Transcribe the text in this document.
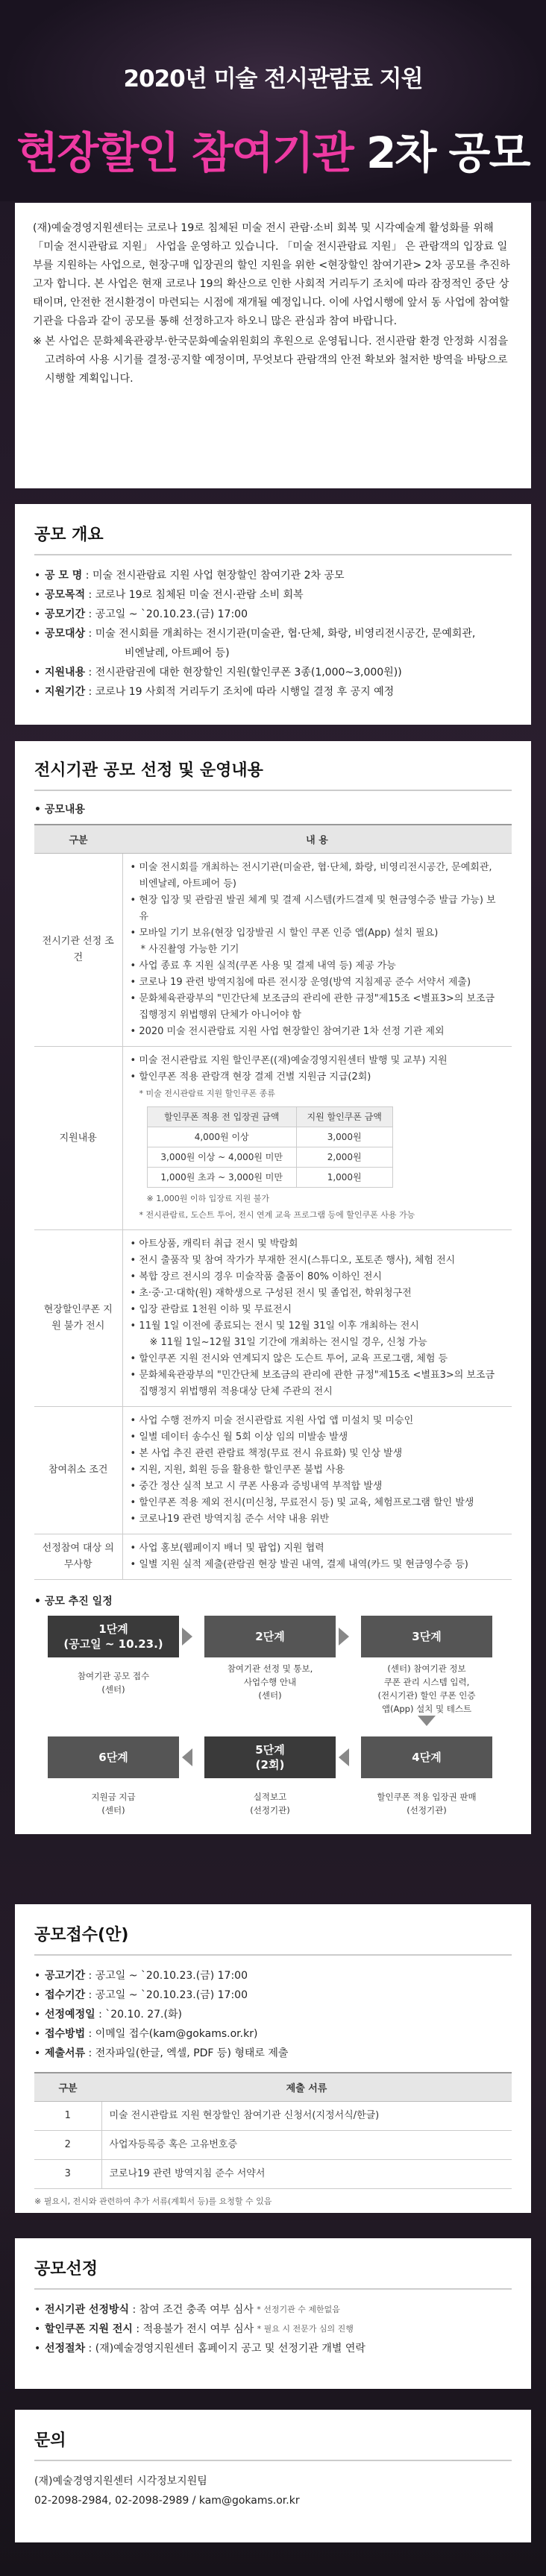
2020년 미술 전시관람료 지원
현장할인 참여기관 2차 공모

(재)예술경영지원센터는 코로나 19로 침체된 미술 전시 관람·소비 회복 및 시각예술계 활성화를 위해 「미술 전시관람료 지원」 사업을 운영하고 있습니다. 「미술 전시관람료 지원」 은 관람객의 입장료 일부를 지원하는 사업으로, 현장구매 입장권의 할인 지원을 위한 <현장할인 참여기관> 2차 공모를 추진하고자 합니다. 본 사업은 현재 코로나 19의 확산으로 인한 사회적 거리두기 조치에 따라 잠정적인 중단 상태이며, 안전한 전시환경이 마련되는 시점에 재개될 예정입니다. 이에 사업시행에 앞서 동 사업에 참여할 기관을 다음과 같이 공모를 통해 선정하고자 하오니 많은 관심과 참여 바랍니다.

※ 본 사업은 문화체육관광부·한국문화예술위원회의 후원으로 운영됩니다. 전시관람 환경 안정화 시점을 고려하여 사용 시기를 결정·공지할 예정이며, 무엇보다 관람객의 안전 확보와 철저한 방역을 바탕으로 시행할 계획입니다.

공모 개요
• 공 모 명 : 미술 전시관람료 지원 사업 현장할인 참여기관 2차 공모
• 공모목적 : 코로나 19로 침체된 미술 전시·관람 소비 회복
• 공모기간 : 공고일 ~ `20.10.23.(금) 17:00
• 공모대상 : 미술 전시회를 개최하는 전시기관(미술관, 협·단체, 화랑, 비영리전시공간, 문예회관,
비엔날레, 아트페어 등)
• 지원내용 : 전시관람권에 대한 현장할인 지원(할인쿠폰 3종(1,000~3,000원))
• 지원기간 : 코로나 19 사회적 거리두기 조치에 따라 시행일 결정 후 공지 예정
전시기관 공모 선정 및 운영내용
• 공모내용
구분	내 용
전시기관 선정 조건	
• 미술 전시회를 개최하는 전시기관(미술관, 협·단체, 화랑, 비영리전시공간, 문예회관, 비엔날레, 아트페어 등)
• 현장 입장 및 관람권 발권 체계 및 결제 시스템(카드결제 및 현금영수증 발급 가능) 보유
• 모바일 기기 보유(현장 입장발권 시 할인 쿠폰 인증 앱(App) 설치 필요)
* 사진촬영 가능한 기기
• 사업 종료 후 지원 실적(쿠폰 사용 및 결제 내역 등) 제공 가능
• 코로나 19 관련 방역지침에 따른 전시장 운영(방역 지침제공 준수 서약서 제출)
• 문화체육관광부의 "민간단체 보조금의 관리에 관한 규정"제15조 <별표3>의 보조금 집행정지 위법행위 단체가 아니어야 함
• 2020 미술 전시관람료 지원 사업 현장할인 참여기관 1차 선정 기관 제외

지원내용	
• 미술 전시관람료 지원 할인쿠폰((재)예술경영지원센터 발행 및 교부) 지원
• 할인쿠폰 적용 관람객 현장 결제 건별 지원금 지급(2회)
* 미술 전시관람료 지원 할인쿠폰 종류
할인쿠폰 적용 전 입장권 금액	지원 할인쿠폰 금액
4,000원 이상	3,000원
3,000원 이상 ~ 4,000원 미만	2,000원
1,000원 초과 ~ 3,000원 미만	1,000원
※ 1,000원 이하 입장료 지원 불가
* 전시관람료, 도슨트 투어, 전시 연계 교육 프로그램 등에 할인쿠폰 사용 가능

현장할인쿠폰 지원 불가 전시	
• 아트상품, 캐릭터 취급 전시 및 박람회
• 전시 출품작 및 참여 작가가 부재한 전시(스튜디오, 포토존 행사), 체험 전시
• 복합 장르 전시의 경우 미술작품 출품이 80% 이하인 전시
• 초·중·고·대학(원) 재학생으로 구성된 전시 및 졸업전, 학위청구전
• 입장 관람료 1천원 이하 및 무료전시
• 11월 1일 이전에 종료되는 전시 및 12월 31일 이후 개최하는 전시
※ 11월 1일~12월 31일 기간에 개최하는 전시일 경우, 신청 가능
• 할인쿠폰 지원 전시와 연계되지 않은 도슨트 투어, 교육 프로그램, 체험 등
• 문화체육관광부의 "민간단체 보조금의 관리에 관한 규정"제15조 <별표3>의 보조금 집행정지 위법행위 적용대상 단체 주관의 전시

참여취소 조건	
• 사업 수행 전까지 미술 전시관람료 지원 사업 앱 미설치 및 미승인
• 일별 데이터 송수신 월 5회 이상 임의 미발송 발생
• 본 사업 추진 관련 관람료 책정(무료 전시 유료화) 및 인상 발생
• 지원, 지원, 회원 등을 활용한 할인쿠폰 불법 사용
• 중간 정산 실적 보고 시 쿠폰 사용과 증빙내역 부적합 발생
• 할인쿠폰 적용 제외 전시(미신청, 무료전시 등) 및 교육, 체험프로그램 할인 발생
• 코로나19 관련 방역지침 준수 서약 내용 위반

선정참여 대상 의무사항	
• 사업 홍보(웹페이지 배너 및 팝업) 지원 협력
• 일별 지원 실적 제출(관람권 현장 발권 내역, 결제 내역(카드 및 현금영수증 등)
• 공모 추진 일정
1단계
(공고일 ~ 10.23.)
참여기관 공모 접수
(센터)
2단계
참여기관 선정 및 통보,
사업수행 안내
(센터)
3단계
(센터) 참여기관 정보
쿠폰 관리 시스템 입력,
(전시기관) 할인 쿠폰 인증
앱(App) 설치 및 테스트
6단계
지원금 지급
(센터)
5단계
(2회)
실적보고
(선정기관)
4단계
할인쿠폰 적용 입장권 판매
(선정기관)
공모접수(안)
• 공고기간 : 공고일 ~ `20.10.23.(금) 17:00
• 접수기간 : 공고일 ~ `20.10.23.(금) 17:00
• 선정예정일 : `20.10. 27.(화)
• 접수방법 : 이메일 접수(kam@gokams.or.kr)
• 제출서류 : 전자파일(한글, 엑셀, PDF 등) 형태로 제출
구분	제출 서류
1	미술 전시관람료 지원 현장할인 참여기관 신청서(지정서식/한글)
2	사업자등록증 혹은 고유번호증
3	코로나19 관련 방역지침 준수 서약서
※ 필요시, 전시와 관련하여 추가 서류(계획서 등)를 요청할 수 있음
공모선정
• 전시기관 선정방식 : 참여 조건 충족 여부 심사
* 선정기관 수 제한없음
• 할인쿠폰 지원 전시 : 적용불가 전시 여부 심사
* 필요 시 전문가 심의 진행
• 선정절차 : (재)예술경영지원센터 홈페이지 공고 및 선정기관 개별 연락
문의
(재)예술경영지원센터 시각정보지원팀
02-2098-2984, 02-2098-2989 / kam@gokams.or.kr
